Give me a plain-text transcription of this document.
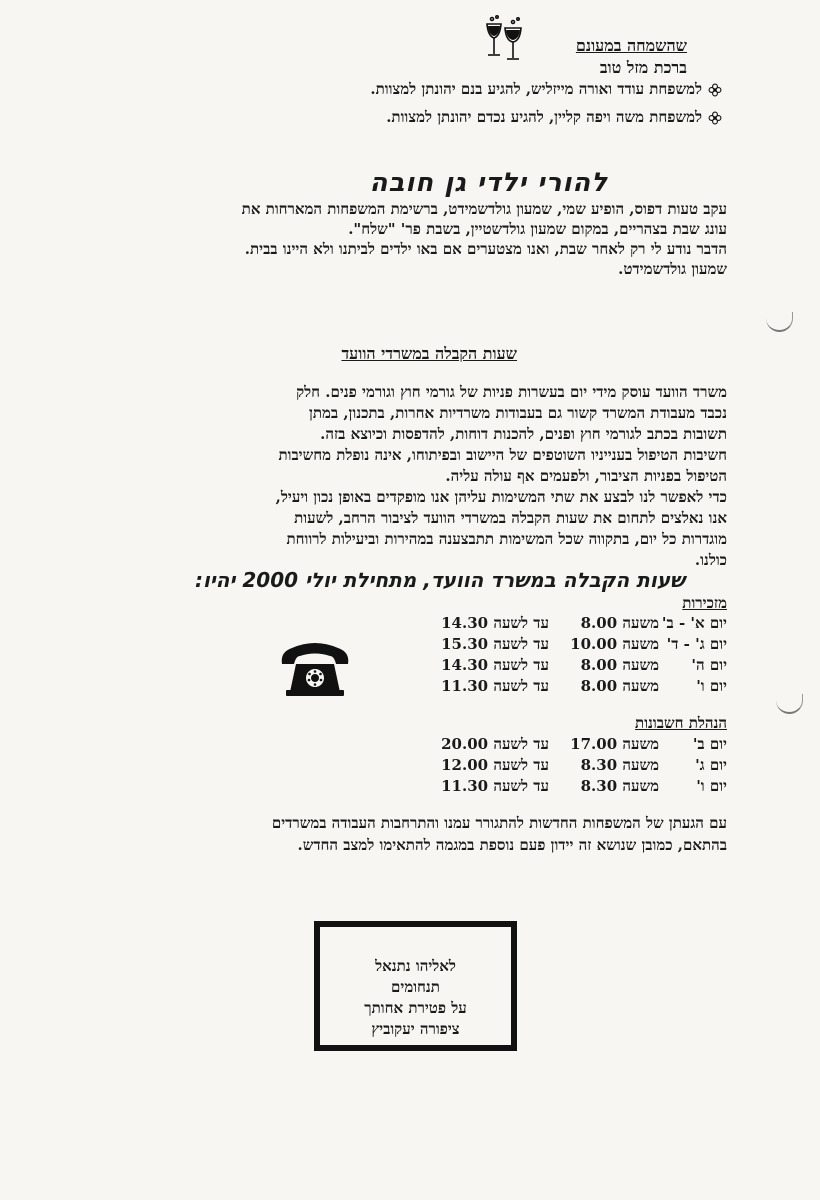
שהשמחה במעונם
ברכת מזל טוב
למשפחת עודד ואורה מייזליש, להגיע בנם יהונתן למצוות.
למשפחת משה ויפה קליין, להגיע נכדם יהונתן למצוות.
להורי ילדי גן חובה
עקב טעות דפוס, הופיע שמי, שמעון גולדשמידט, ברשימת המשפחות המארחות את
עונג שבת בצהריים, במקום שמעון גולדשטיין, בשבת פר' "שלח".
הדבר נודע לי רק לאחר שבת, ואנו מצטערים אם באו ילדים לביתנו ולא היינו בבית.
שמעון גולדשמידט.
שעות הקבלה במשרדי הוועד
משרד הוועד עוסק מידי יום בעשרות פניות של גורמי חוץ וגורמי פנים. חלק
נכבד מעבודת המשרד קשור גם בעבודות משרדיות אחרות, בתכנון, במתן
תשובות בכתב לגורמי חוץ ופנים, להכנות דוחות, להדפסות וכיוצא בזה.
חשיבות הטיפול בענייניו השוטפים של היישוב ובפיתוחו, אינה נופלת מחשיבות
הטיפול בפניות הציבור, ולפעמים אף עולה עליה.
כדי לאפשר לנו לבצע את שתי המשימות עליהן אנו מופקדים באופן נכון ויעיל,
אנו נאלצים לתחום את שעות הקבלה במשרדי הוועד לציבור הרחב, לשעות
מוגדרות כל יום, בתקווה שכל המשימות תתבצענה במהירות וביעילות לרווחת
כולנו.
שעות הקבלה במשרד הוועד, מתחילת יולי 2000 יהיו:
מזכירות
יום א' - ב'
משעה 8.00
עד לשעה 14.30
יום ג' - ד'
משעה 10.00
עד לשעה 15.30
יום ה'
משעה 8.00
עד לשעה 14.30
יום ו'
משעה 8.00
עד לשעה 11.30
הנהלת חשבונות
יום ב'
משעה 17.00
עד לשעה 20.00
יום ג'
משעה 8.30
עד לשעה 12.00
יום ו'
משעה 8.30
עד לשעה 11.30
עם הגעתן של המשפחות החדשות להתגורר עמנו והתרחבות העבודה במשרדים
בהתאם, כמובן שנושא זה יידון פעם נוספת במגמה להתאימו למצב החדש.
לאליהו נתנאל
תנחומים
על פטירת אחותך
ציפורה יעקוביץ
